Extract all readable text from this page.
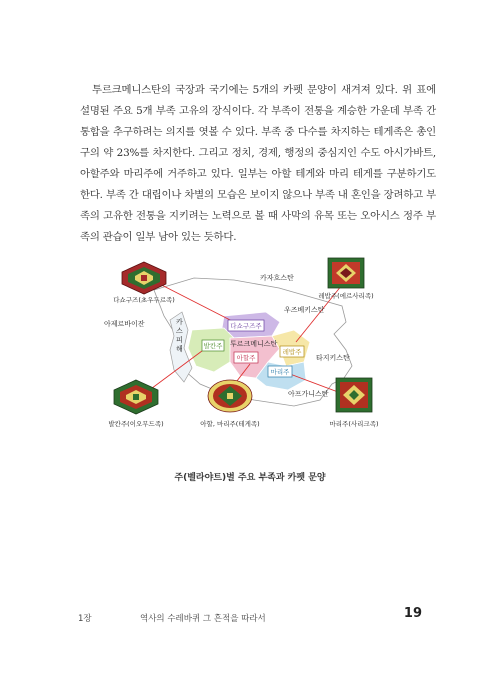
투르크메니스탄의 국장과 국기에는 5개의 카펫 문양이 새겨져 있다. 위 표에 설명된 주요 5개 부족 고유의 장식이다. 각 부족이 전통을 계승한 가운데 부족 간 통합을 추구하려는 의지를 엿볼 수 있다. 부족 중 다수를 차지하는 테게족은 총인구의 약 23%를 차지한다. 그리고 정치, 경제, 행정의 중심지인 수도 아시가바트, 아할주와 마리주에 거주하고 있다. 일부는 아할 테게와 마리 테게를 구분하기도 한다. 부족 간 대립이나 차별의 모습은 보이지 않으나 부족 내 혼인을 장려하고 부족의 고유한 전통을 지키려는 노력으로 볼 때 사막의 유목 또는 오아시스 정주 부족의 관습이 일부 남아 있는 듯하다.

다쇼구즈주
발칸주
아할주
레밥주
마리주
카자흐스탄
우즈베키스탄
아제르바이잔
투르크메니스탄
타지키스탄
아프가니스탄
카 스 피 해
다쇼구즈(초우두르족)	레밥주(에르사리족)
발칸주(이오무드족)	아할, 마리주(테게족)	마리주(사리크족)
주(벨라야트)별 주요 부족과 카펫 문양
1장	역사의 수레바퀴 그 흔적을 따라서	19
